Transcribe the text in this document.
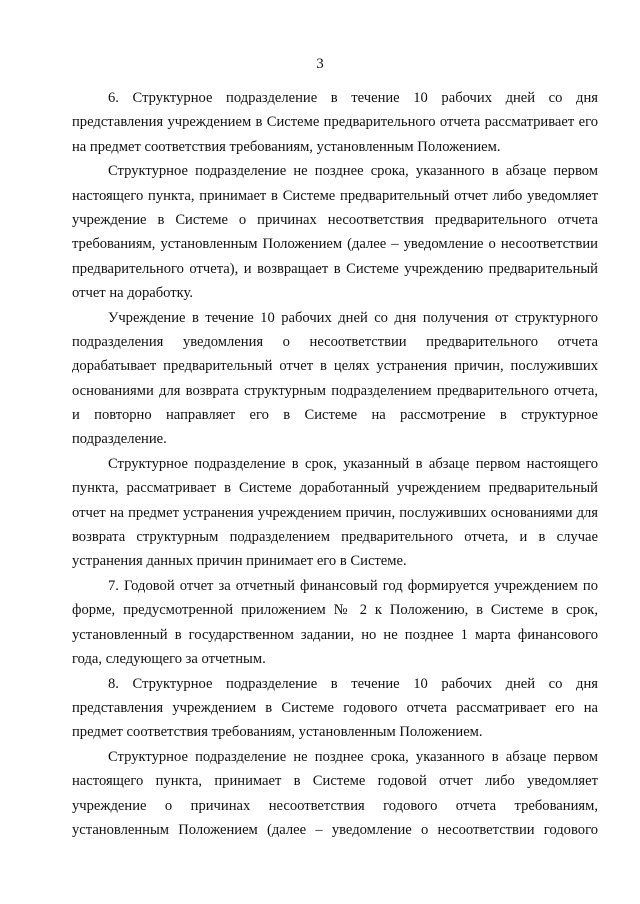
3

6. Структурное подразделение в течение 10 рабочих дней со дня представления учреждением в Системе предварительного отчета рассматривает его на предмет соответствия требованиям, установленным Положением.

Структурное подразделение не позднее срока, указанного в абзаце первом настоящего пункта, принимает в Системе предварительный отчет либо уведомляет учреждение в Системе о причинах несоответствия предварительного отчета требованиям, установленным Положением (далее – уведомление о несоответствии предварительного отчета), и возвращает в Системе учреждению предварительный отчет на доработку.

Учреждение в течение 10 рабочих дней со дня получения от структурного подразделения уведомления о несоответствии предварительного отчета дорабатывает предварительный отчет в целях устранения причин, послуживших основаниями для возврата структурным подразделением предварительного отчета, и повторно направляет его в Системе на рассмотрение в структурное подразделение.

Структурное подразделение в срок, указанный в абзаце первом настоящего пункта, рассматривает в Системе доработанный учреждением предварительный отчет на предмет устранения учреждением причин, послуживших основаниями для возврата структурным подразделением предварительного отчета, и в случае устранения данных причин принимает его в Системе.

7. Годовой отчет за отчетный финансовый год формируется учреждением по форме, предусмотренной приложением № 2 к Положению, в Системе в срок, установленный в государственном задании, но не позднее 1 марта финансового года, следующего за отчетным.

8. Структурное подразделение в течение 10 рабочих дней со дня представления учреждением в Системе годового отчета рассматривает его на предмет соответствия требованиям, установленным Положением.

Структурное подразделение не позднее срока, указанного в абзаце первом настоящего пункта, принимает в Системе годовой отчет либо уведомляет учреждение о причинах несоответствия годового отчета требованиям, установленным Положением (далее – уведомление о несоответствии годового
